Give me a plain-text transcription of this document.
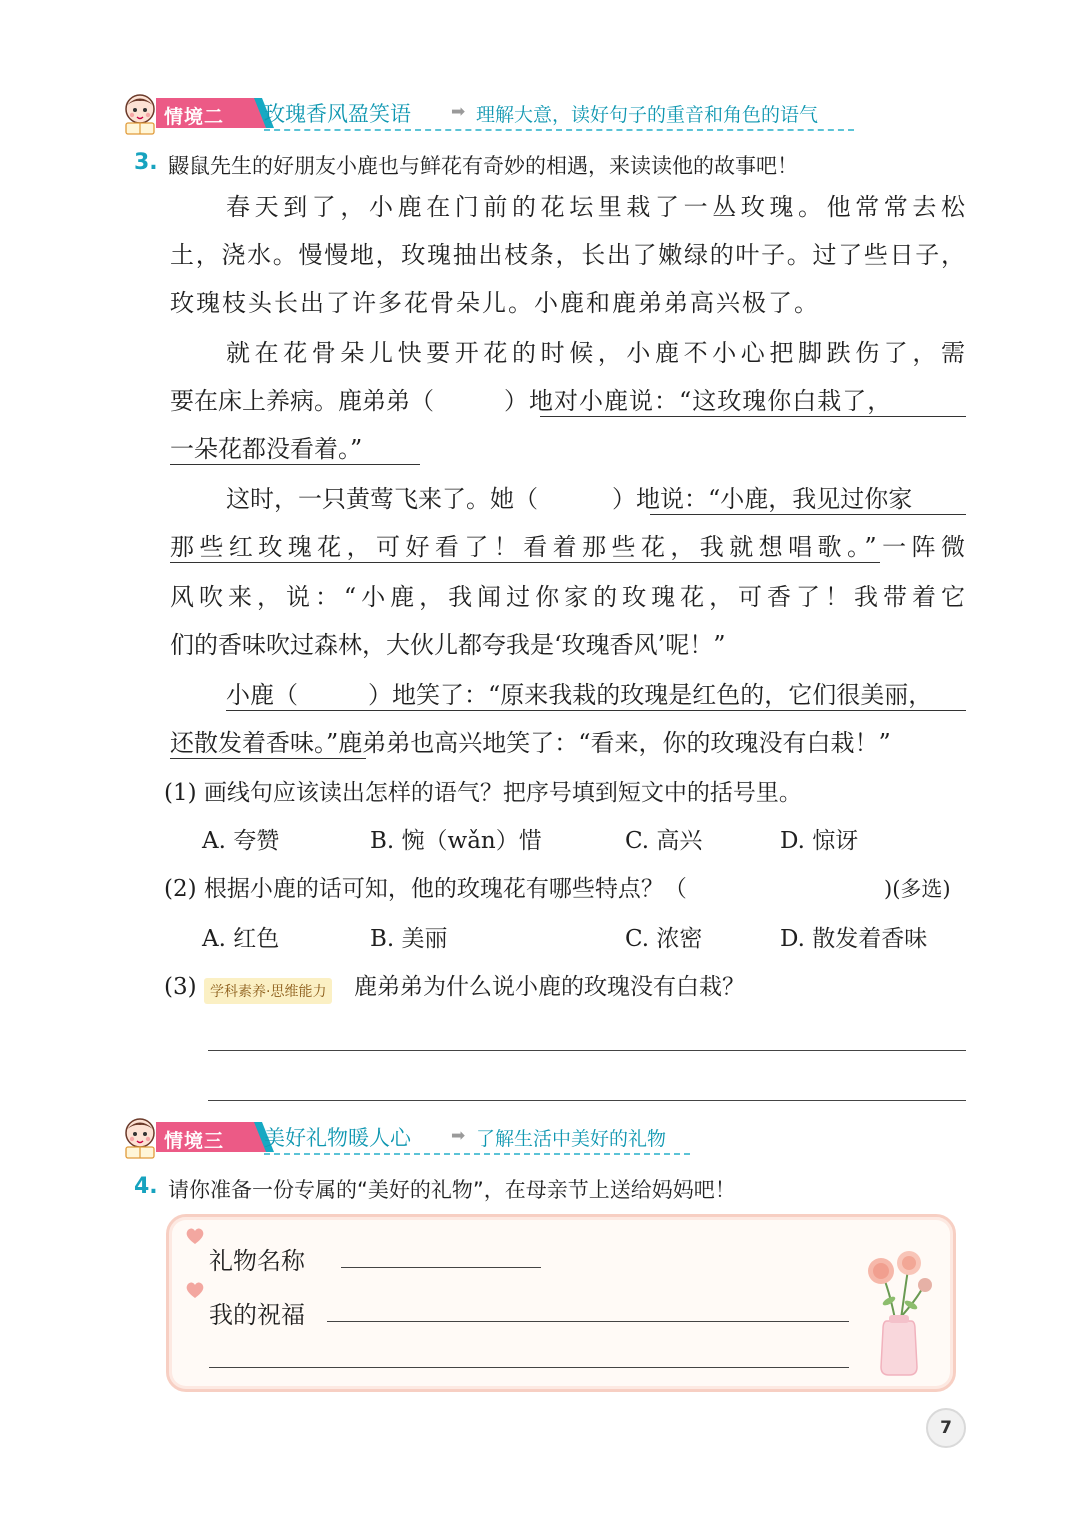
情境二 玫瑰香风盈笑语 ➡ 理解大意，读好句子的重音和角色的语气
3. 鼹鼠先生的好朋友小鹿也与鲜花有奇妙的相遇，来读读他的故事吧！
春天到了，小鹿在门前的花坛里栽了一丛玫瑰。他常常去松
土，浇水。慢慢地，玫瑰抽出枝条，长出了嫩绿的叶子。过了些日子，
玫瑰枝头长出了许多花骨朵儿。小鹿和鹿弟弟高兴极了。
就在花骨朵儿快要开花的时候，小鹿不小心把脚跌伤了，需
要在床上养病。鹿弟弟（	）地对小鹿说：“这玫瑰你白栽了，
一朵花都没看着。”
这时，一只黄莺飞来了。她（	）地说：“小鹿，我见过你家
那些红玫瑰花，可好看了！看着那些花，我就想唱歌。”一阵微
风吹来，说：“小鹿，我闻过你家的玫瑰花，可香了！我带着它
们的香味吹过森林，大伙儿都夸我是‘玫瑰香风’呢！”
小鹿（	）地笑了：“原来我栽的玫瑰是红色的，它们很美丽，
还散发着香味。”鹿弟弟也高兴地笑了：“看来，你的玫瑰没有白栽！”
(1) 画线句应该读出怎样的语气？把序号填到短文中的括号里。
A. 夸赞	B. 惋（wǎn）惜	C. 高兴	D. 惊讶
(2) 根据小鹿的话可知，他的玫瑰花有哪些特点？（	)(多选)
A. 红色	B. 美丽	C. 浓密	D. 散发着香味
(3) 学科素养·思维能力 鹿弟弟为什么说小鹿的玫瑰没有白栽？
情境三 美好礼物暖人心 ➡ 了解生活中美好的礼物
4. 请你准备一份专属的“美好的礼物”，在母亲节上送给妈妈吧！
礼物名称
我的祝福
7
